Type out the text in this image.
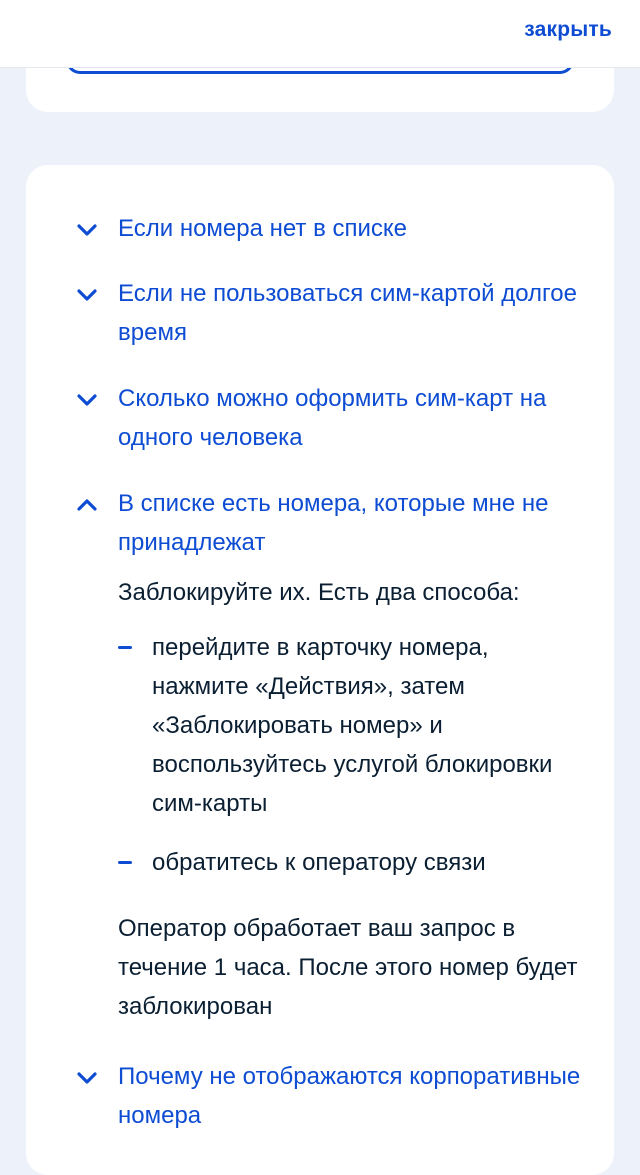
закрыть
Если номера нет в списке
Если не пользоваться сим-картой долгое время
Сколько можно оформить сим-карт на одного человека
В списке есть номера, которые мне не принадлежат
Заблокируйте их. Есть два способа:
перейдите в карточку номера, нажмите «Действия», затем «Заблокировать номер» и воспользуйтесь услугой блокировки сим-карты
обратитесь к оператору связи
Оператор обработает ваш запрос в течение 1 часа. После этого номер будет заблокирован
Почему не отображаются корпоративные номера
